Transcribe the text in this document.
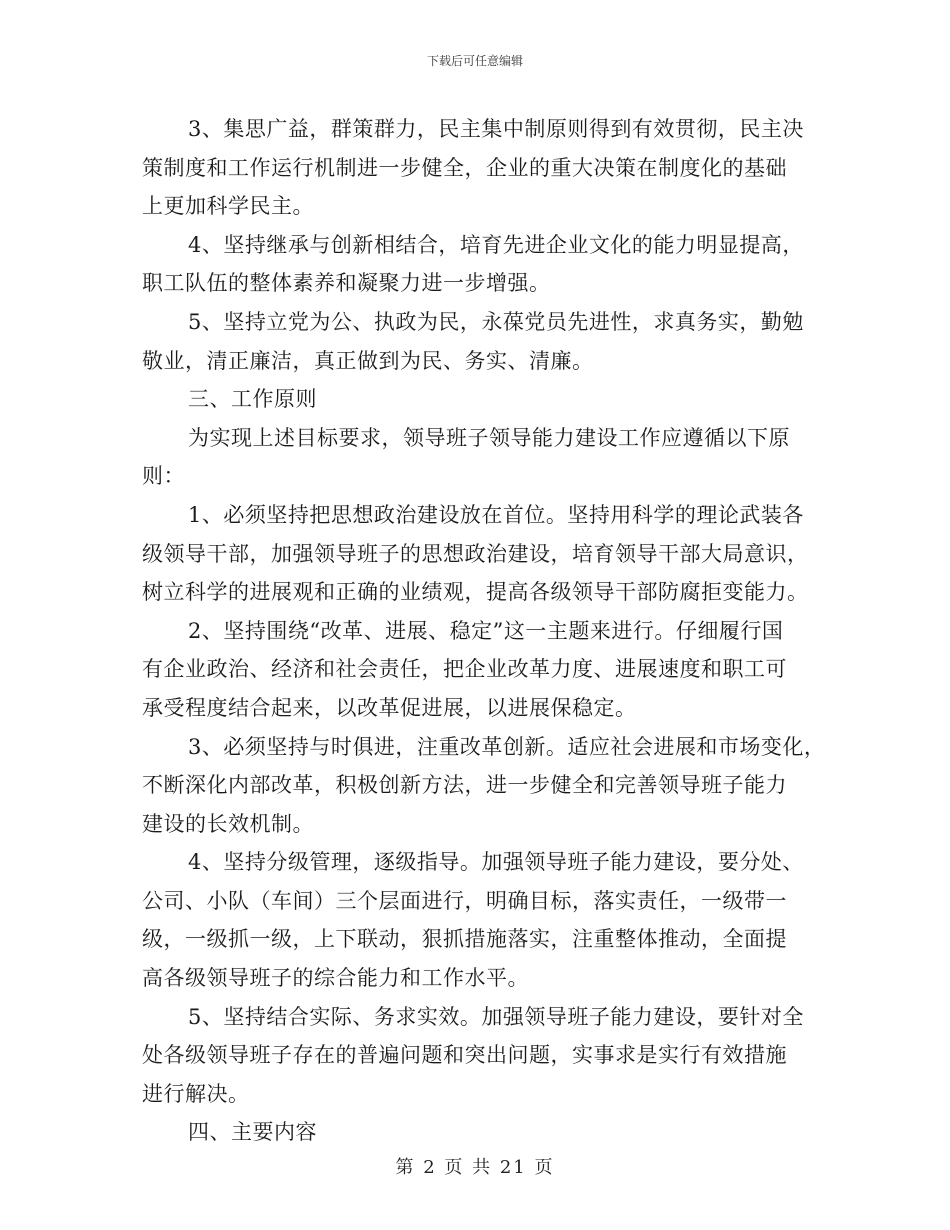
下载后可任意编辑
3、集思广益，群策群力，民主集中制原则得到有效贯彻，民主决
策制度和工作运行机制进一步健全，企业的重大决策在制度化的基础
上更加科学民主。
4、坚持继承与创新相结合，培育先进企业文化的能力明显提高，
职工队伍的整体素养和凝聚力进一步增强。
5、坚持立党为公、执政为民，永葆党员先进性，求真务实，勤勉
敬业，清正廉洁，真正做到为民、务实、清廉。
三、工作原则
为实现上述目标要求，领导班子领导能力建设工作应遵循以下原
则：
1、必须坚持把思想政治建设放在首位。坚持用科学的理论武装各
级领导干部，加强领导班子的思想政治建设，培育领导干部大局意识，
树立科学的进展观和正确的业绩观，提高各级领导干部防腐拒变能力。
2、坚持围绕“改革、进展、稳定”这一主题来进行。仔细履行国
有企业政治、经济和社会责任，把企业改革力度、进展速度和职工可
承受程度结合起来，以改革促进展，以进展保稳定。
3、必须坚持与时俱进，注重改革创新。适应社会进展和市场变化，
不断深化内部改革，积极创新方法，进一步健全和完善领导班子能力
建设的长效机制。
4、坚持分级管理，逐级指导。加强领导班子能力建设，要分处、
公司、小队（车间）三个层面进行，明确目标，落实责任，一级带一
级，一级抓一级，上下联动，狠抓措施落实，注重整体推动，全面提
高各级领导班子的综合能力和工作水平。
5、坚持结合实际、务求实效。加强领导班子能力建设，要针对全
处各级领导班子存在的普遍问题和突出问题，实事求是实行有效措施
进行解决。
四、主要内容
第 2 页 共 21 页
